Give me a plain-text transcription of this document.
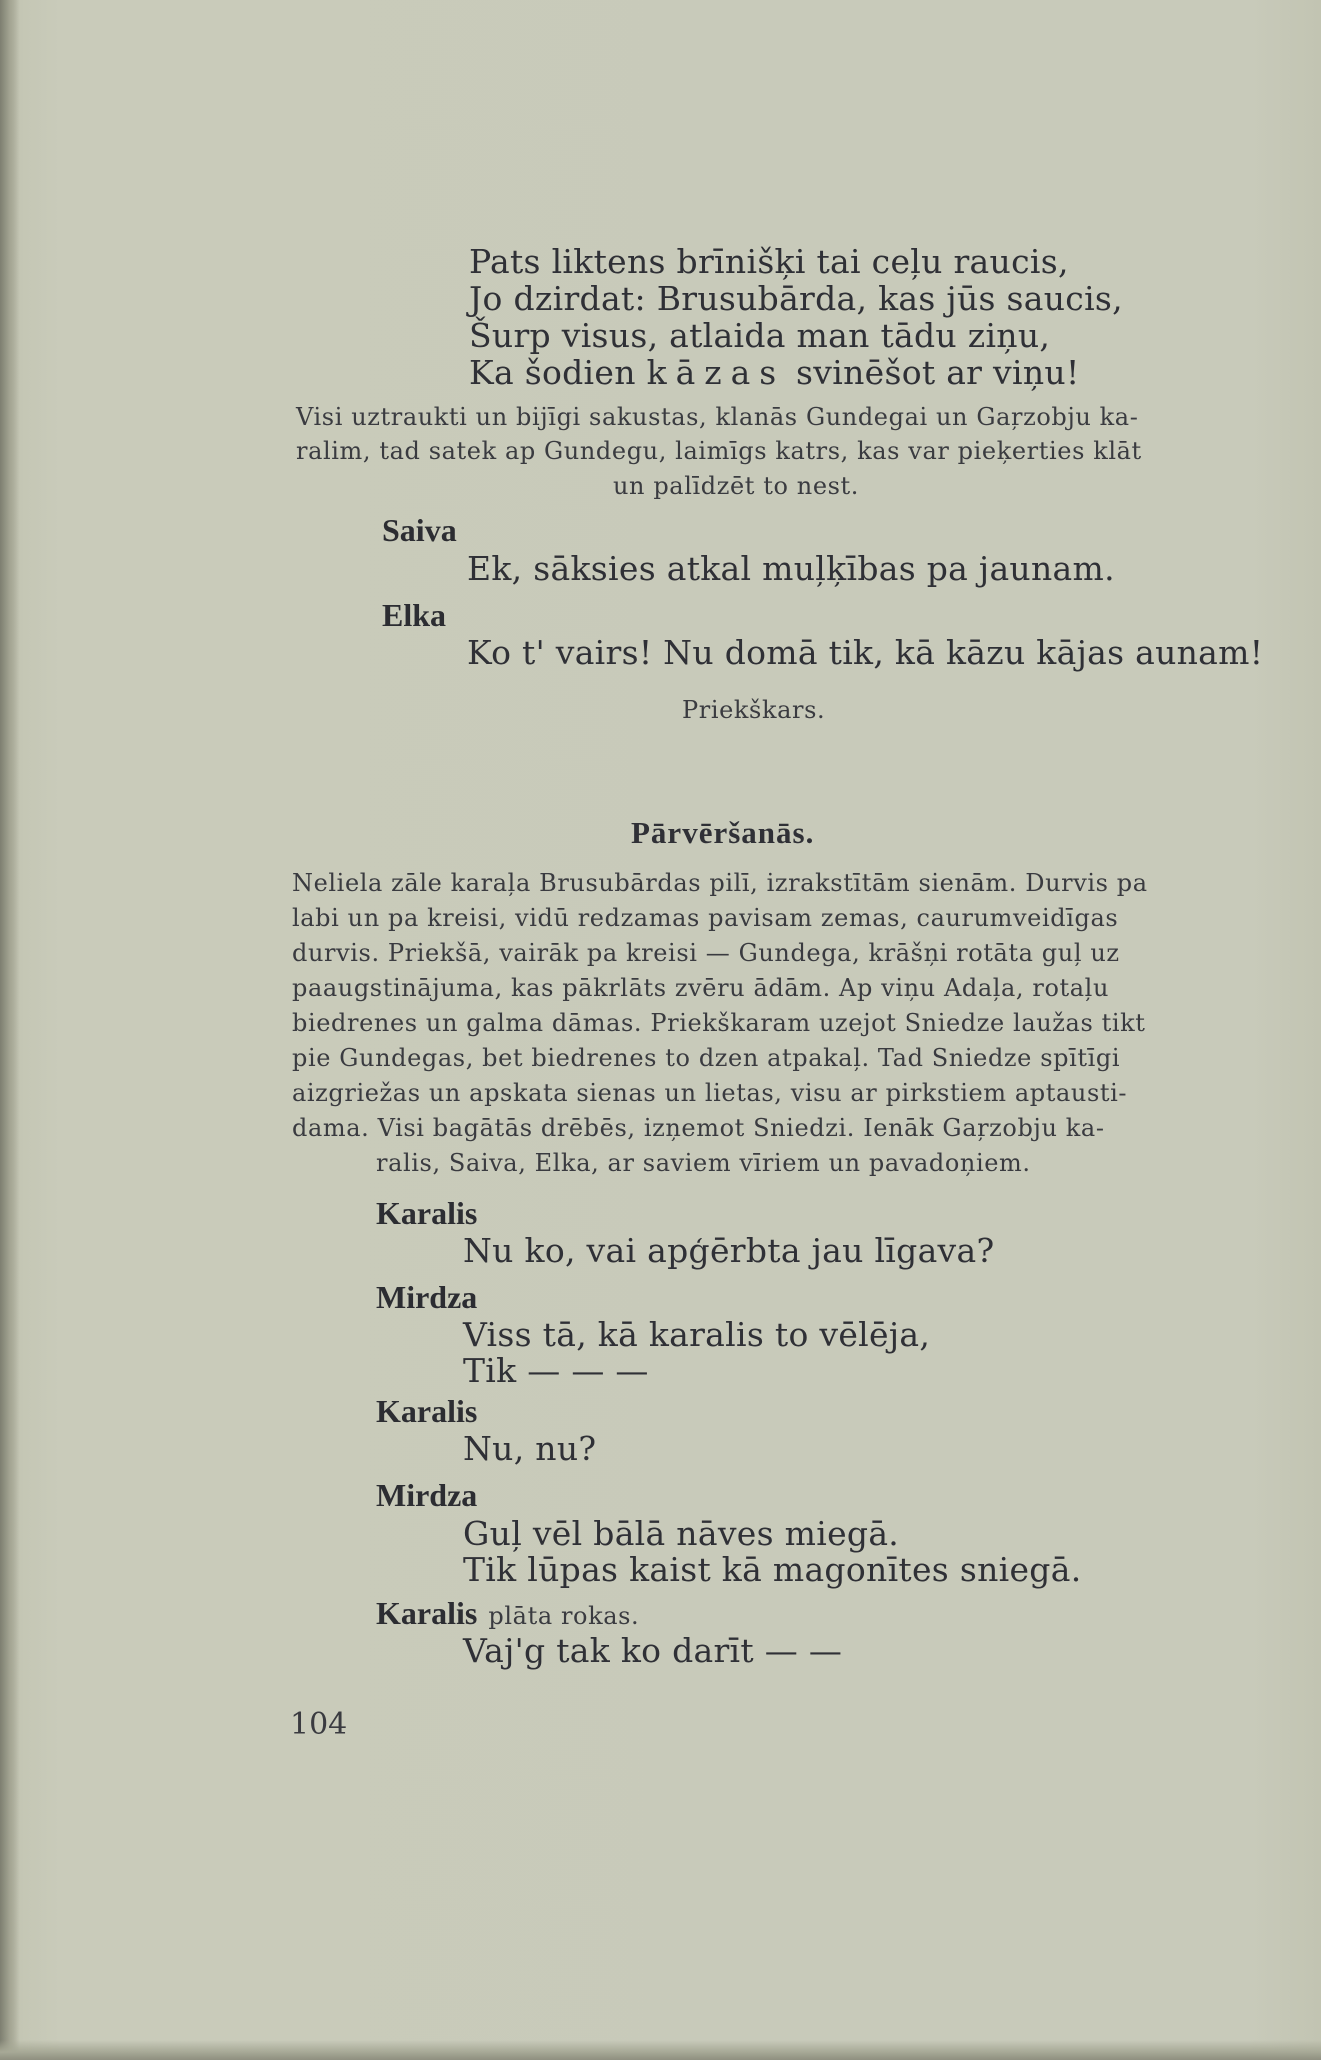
Pats liktens brīnišķi tai ceļu raucis,
Jo dzirdat: Brusubārda, kas jūs saucis,
Šurp visus, atlaida man tādu ziņu,
Ka šodien kāzas svinēšot ar viņu!
Visi uztraukti un bijīgi sakustas, klanās Gundegai un Gaŗzobju ka-
ralim, tad satek ap Gundegu, laimīgs katrs, kas var pieķerties klāt
un palīdzēt to nest.
Saiva
Ek, sāksies atkal muļķības pa jaunam.
Elka
Ko t' vairs! Nu domā tik, kā kāzu kājas aunam!
Priekškars.
Pārvēršanās.
Neliela zāle karaļa Brusubārdas pilī, izrakstītām sienām. Durvis pa
labi un pa kreisi, vidū redzamas pavisam zemas, caurumveidīgas
durvis. Priekšā, vairāk pa kreisi — Gundega, krāšņi rotāta guļ uz
paaugstinājuma, kas pākrlāts zvēru ādām. Ap viņu Adaļa, rotaļu
biedrenes un galma dāmas. Priekškaram uzejot Sniedze laužas tikt
pie Gundegas, bet biedrenes to dzen atpakaļ. Tad Sniedze spītīgi
aizgriežas un apskata sienas un lietas, visu ar pirkstiem aptausti-
dama. Visi bagātās drēbēs, izņemot Sniedzi. Ienāk Gaŗzobju ka-
ralis, Saiva, Elka, ar saviem vīriem un pavadoņiem.
Karalis
Nu ko, vai apģērbta jau līgava?
Mirdza
Viss tā, kā karalis to vēlēja,
Tik — — —
Karalis
Nu, nu?
Mirdza
Guļ vēl bālā nāves miegā.
Tik lūpas kaist kā magonītes sniegā.
Karalis plāta rokas.
Vaj'g tak ko darīt — —
104
